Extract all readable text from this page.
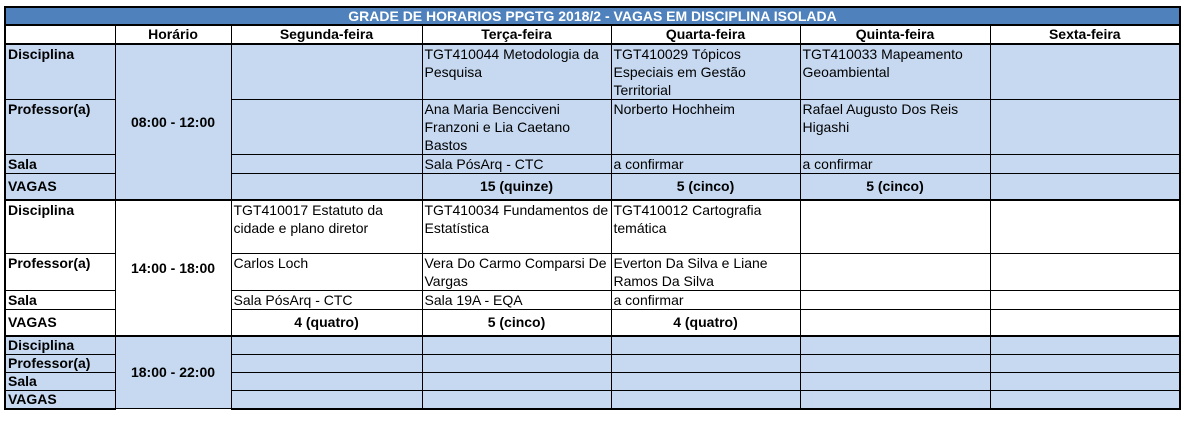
GRADE DE HORARIOS PPGTG 2018/2 - VAGAS EM DISCIPLINA ISOLADA						
	Horário	Segunda-feira	Terça-feira	Quarta-feira	Quinta-feira	Sexta-feira
Disciplina	08:00 - 12:00		TGT410044 Metodologia da Pesquisa	TGT410029 Tópicos Especiais em Gestão Territorial	TGT410033 Mapeamento Geoambiental	
Professor(a)			Ana Maria Bencciveni Franzoni e Lia Caetano Bastos	Norberto Hochheim	Rafael Augusto Dos Reis Higashi	
Sala			Sala PósArq - CTC	a confirmar	a confirmar	
VAGAS			15 (quinze)	5 (cinco)	5 (cinco)	
Disciplina	14:00 - 18:00	TGT410017 Estatuto da cidade e plano diretor	TGT410034 Fundamentos de Estatística	TGT410012 Cartografia temática		
Professor(a)		Carlos Loch	Vera Do Carmo Comparsi De Vargas	Everton Da Silva e Liane Ramos Da Silva		
Sala		Sala PósArq - CTC	Sala 19A - EQA	a confirmar		
VAGAS		4 (quatro)	5 (cinco)	4 (quatro)		
Disciplina	18:00 - 22:00					
Professor(a)						
Sala						
VAGAS						
